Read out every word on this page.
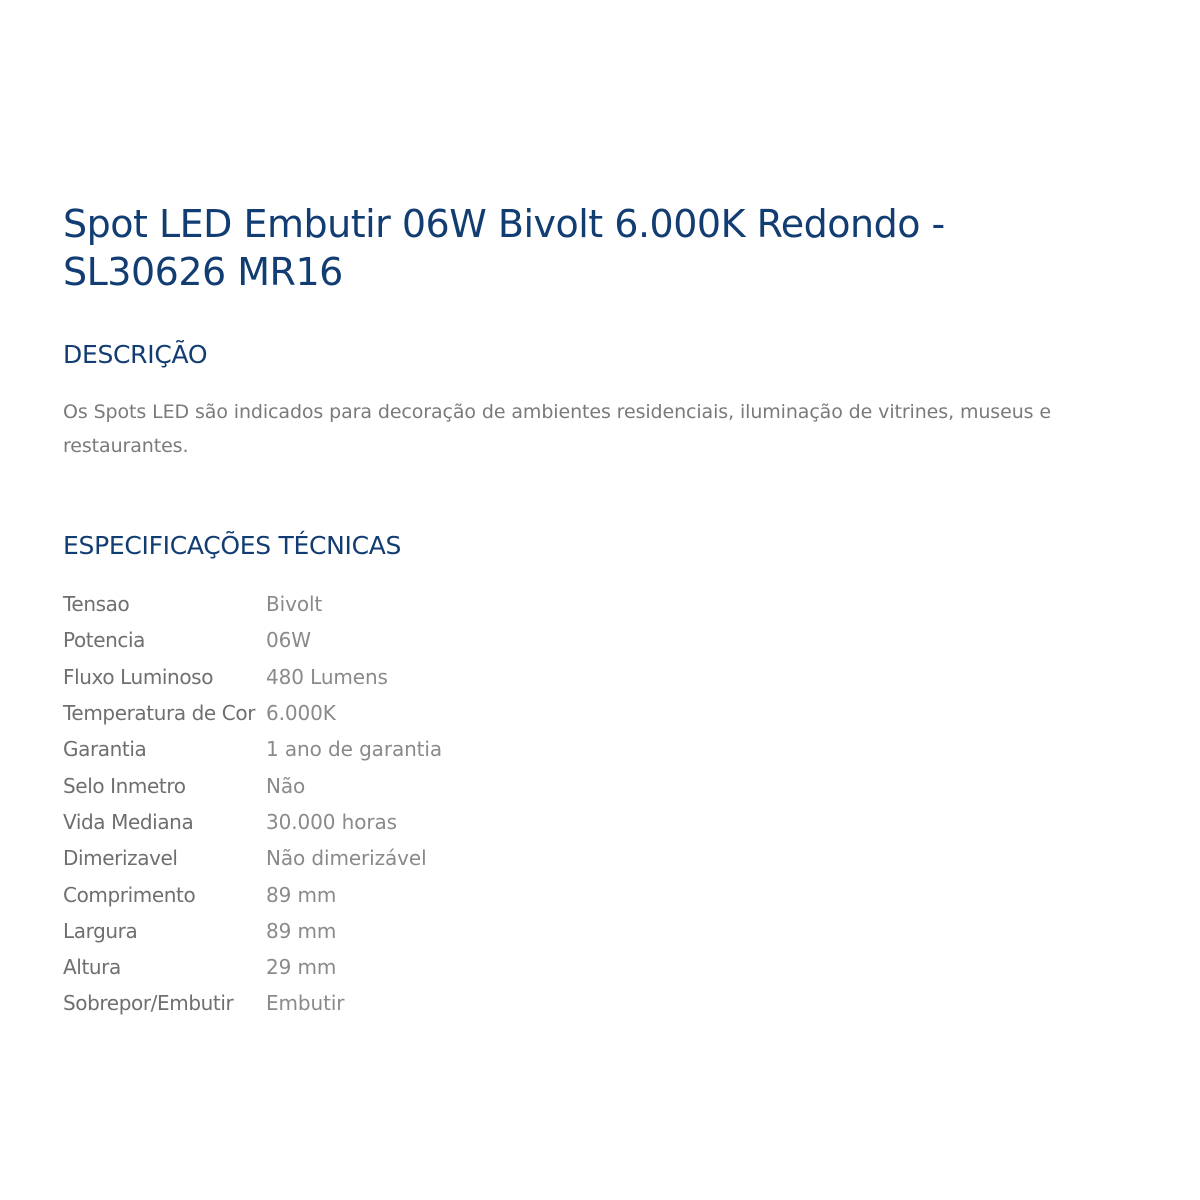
Spot LED Embutir 06W Bivolt 6.000K Redondo -
SL30626 MR16
DESCRIÇÃO

Os Spots LED são indicados para decoração de ambientes residenciais, iluminação de vitrines, museus e restaurantes.

ESPECIFICAÇÕES TÉCNICAS
Tensao	Bivolt
Potencia	06W
Fluxo Luminoso	480 Lumens
Temperatura de Cor	6.000K
Garantia	1 ano de garantia
Selo Inmetro	Não
Vida Mediana	30.000 horas
Dimerizavel	Não dimerizável
Comprimento	89 mm
Largura	89 mm
Altura	29 mm
Sobrepor/Embutir	Embutir
